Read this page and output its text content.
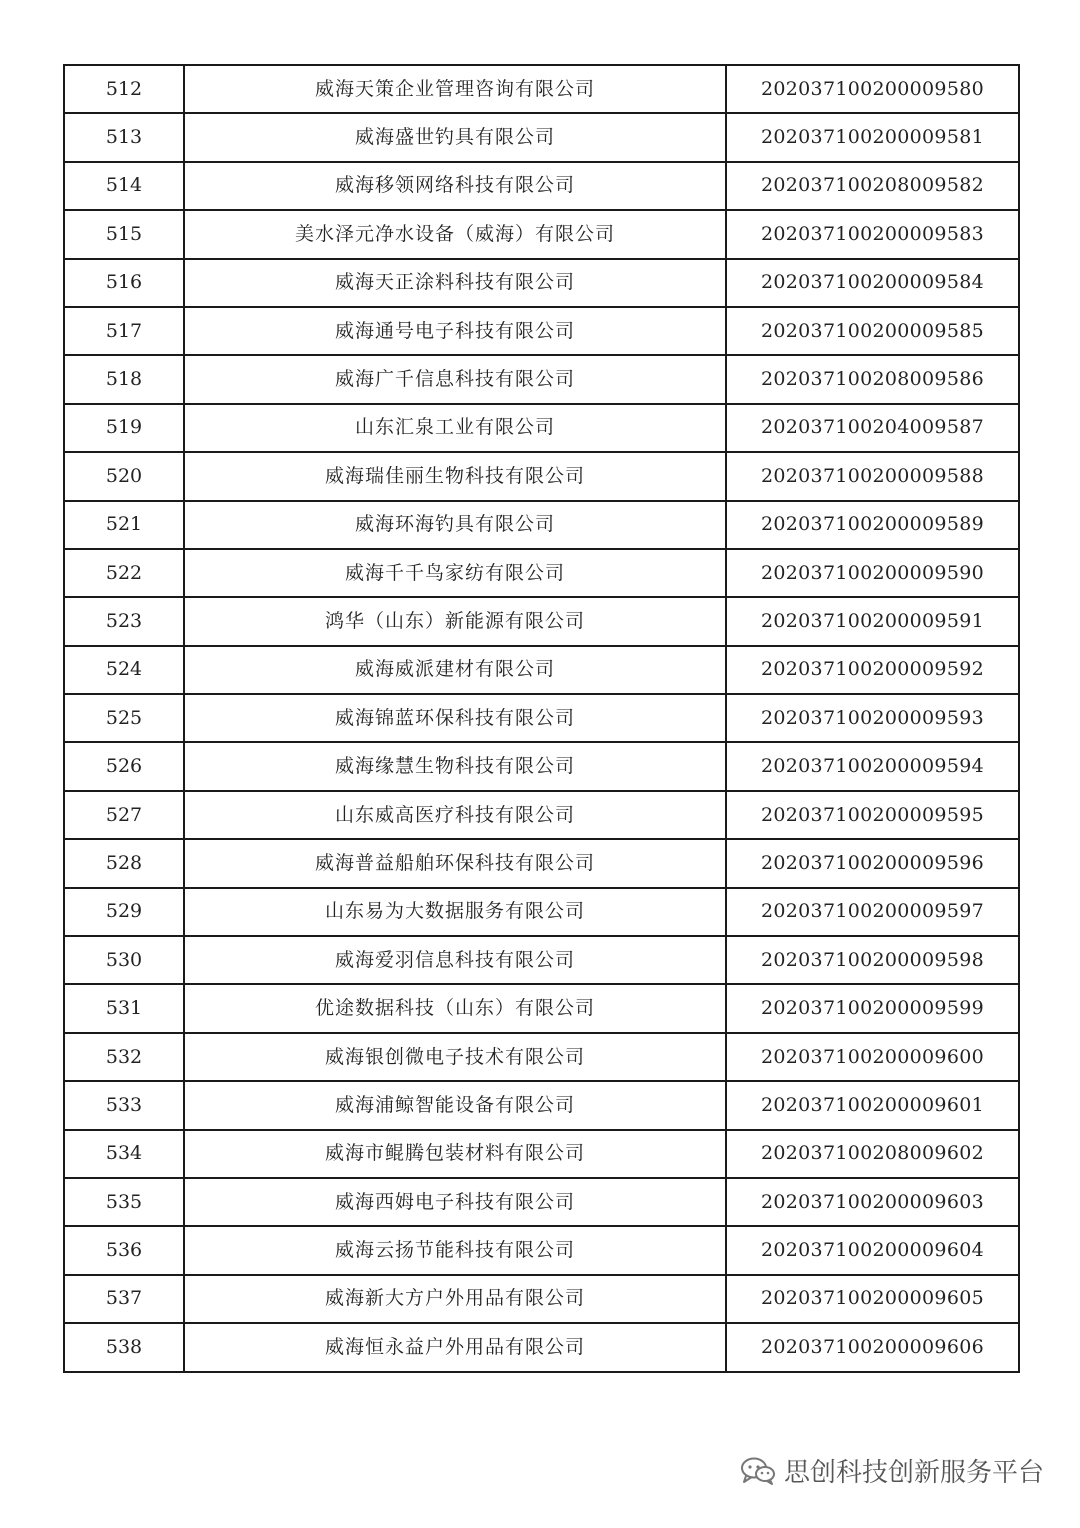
512	威海天策企业管理咨询有限公司	202037100200009580
513	威海盛世钓具有限公司	202037100200009581
514	威海移领网络科技有限公司	202037100208009582
515	美水泽元净水设备（威海）有限公司	202037100200009583
516	威海天正涂料科技有限公司	202037100200009584
517	威海通号电子科技有限公司	202037100200009585
518	威海广千信息科技有限公司	202037100208009586
519	山东汇泉工业有限公司	202037100204009587
520	威海瑞佳丽生物科技有限公司	202037100200009588
521	威海环海钓具有限公司	202037100200009589
522	威海千千鸟家纺有限公司	202037100200009590
523	鸿华（山东）新能源有限公司	202037100200009591
524	威海威派建材有限公司	202037100200009592
525	威海锦蓝环保科技有限公司	202037100200009593
526	威海缘慧生物科技有限公司	202037100200009594
527	山东威高医疗科技有限公司	202037100200009595
528	威海普益船舶环保科技有限公司	202037100200009596
529	山东易为大数据服务有限公司	202037100200009597
530	威海爱羽信息科技有限公司	202037100200009598
531	优途数据科技（山东）有限公司	202037100200009599
532	威海银创微电子技术有限公司	202037100200009600
533	威海浦鲸智能设备有限公司	202037100200009601
534	威海市鲲腾包装材料有限公司	202037100208009602
535	威海西姆电子科技有限公司	202037100200009603
536	威海云扬节能科技有限公司	202037100200009604
537	威海新大方户外用品有限公司	202037100200009605
538	威海恒永益户外用品有限公司	202037100200009606
思创科技创新服务平台
